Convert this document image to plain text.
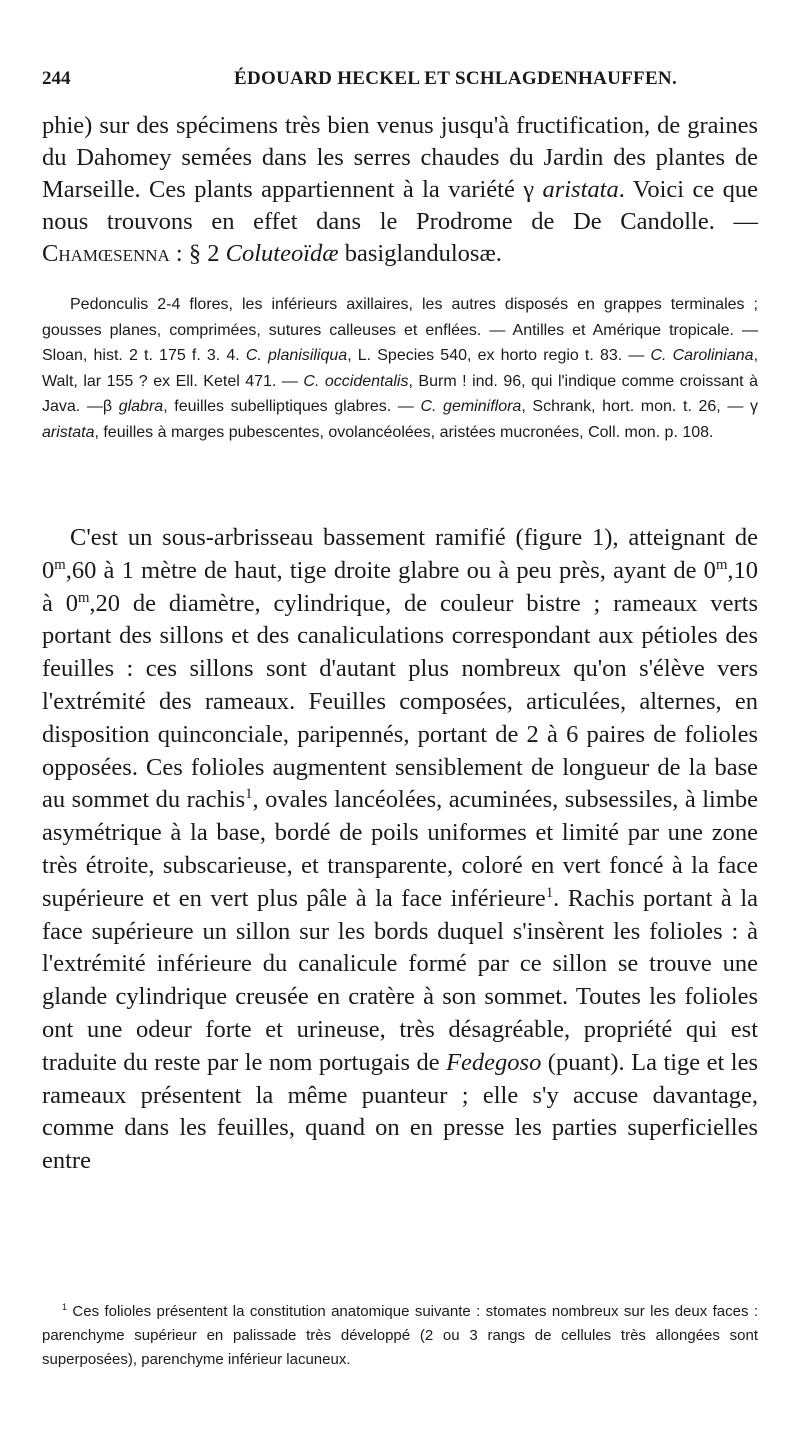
244	ÉDOUARD HECKEL ET SCHLAGDENHAUFFEN.

phie) sur des spécimens très bien venus jusqu'à fructification, de graines du Dahomey semées dans les serres chaudes du Jardin des plantes de Marseille. Ces plants appartiennent à la variété γ aristata. Voici ce que nous trouvons en effet dans le Prodrome de De Candolle. — Chamœsenna : § 2 Coluteoïdæ basiglandulosæ.

Pedonculis 2-4 flores, les inférieurs axillaires, les autres disposés en grappes terminales ; gousses planes, comprimées, sutures calleuses et enflées. — Antilles et Amérique tropicale. — Sloan, hist. 2 t. 175 f. 3. 4. C. planisiliqua, L. Species 540, ex horto regio t. 83. — C. Caroliniana, Walt, lar 155 ? ex Ell. Ketel 471. — C. occidentalis, Burm ! ind. 96, qui l'indique comme croissant à Java. —β glabra, feuilles subelliptiques glabres. — C. geminiflora, Schrank, hort. mon. t. 26, — γ aristata, feuilles à marges pubescentes, ovolancéolées, aristées mucronées, Coll. mon. p. 108.

C'est un sous-arbrisseau bassement ramifié (figure 1), atteignant de 0$^m$,60 à 1 mètre de haut, tige droite glabre ou à peu près, ayant de 0$^m$,10 à 0$^m$,20 de diamètre, cylindrique, de couleur bistre ; rameaux verts portant des sillons et des canaliculations correspondant aux pétioles des feuilles : ces sillons sont d'autant plus nombreux qu'on s'élève vers l'extrémité des rameaux. Feuilles composées, articulées, alternes, en disposition quinconciale, paripennés, portant de 2 à 6 paires de folioles opposées. Ces folioles augmentent sensiblement de longueur de la base au sommet du rachis$^1$, ovales lancéolées, acuminées, subsessiles, à limbe asymétrique à la base, bordé de poils uniformes et limité par une zone très étroite, subscarieuse, et transparente, coloré en vert foncé à la face supérieure et en vert plus pâle à la face inférieure$^1$. Rachis portant à la face supérieure un sillon sur les bords duquel s'insèrent les folioles : à l'extrémité inférieure du canalicule formé par ce sillon se trouve une glande cylindrique creusée en cratère à son sommet. Toutes les folioles ont une odeur forte et urineuse, très désagréable, propriété qui est traduite du reste par le nom portugais de Fedegoso (puant). La tige et les rameaux présentent la même puanteur ; elle s'y accuse davantage, comme dans les feuilles, quand on en presse les parties superficielles entre

$^1$ Ces folioles présentent la constitution anatomique suivante : stomates nombreux sur les deux faces : parenchyme supérieur en palissade très développé (2 ou 3 rangs de cellules très allongées sont superposées), parenchyme inférieur lacuneux.
